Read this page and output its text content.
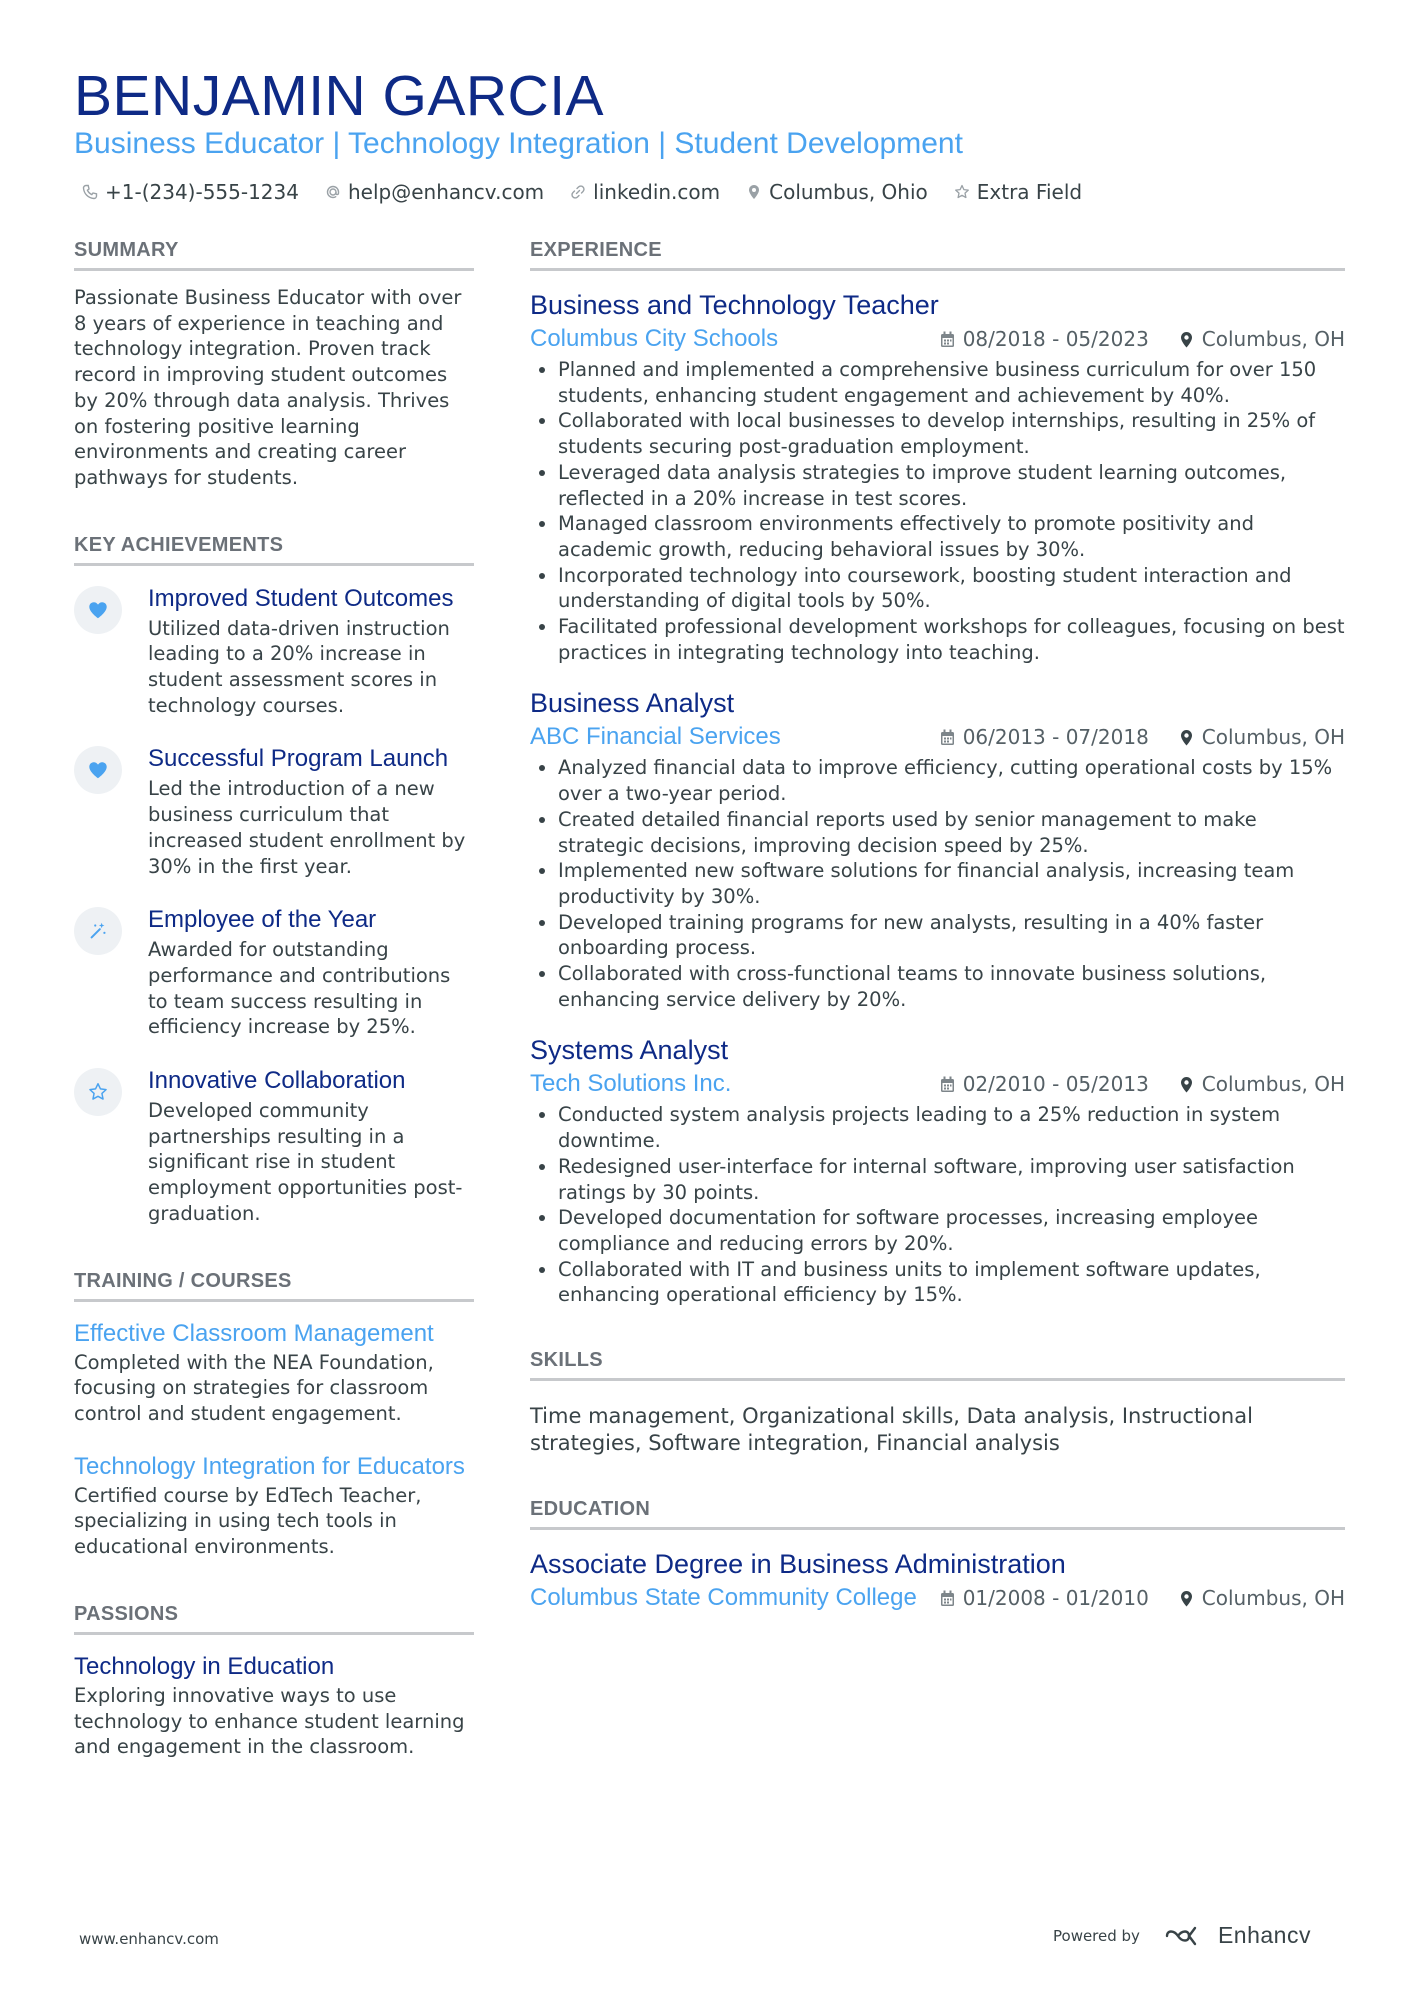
BENJAMIN GARCIA
Business Educator | Technology Integration | Student Development
+1-(234)-555-1234 help@enhancv.com linkedin.com Columbus, Ohio Extra Field
SUMMARY
Passionate Business Educator with over 8 years of experience in teaching and technology integration. Proven track record in improving student outcomes by 20% through data analysis. Thrives on fostering positive learning environments and creating career pathways for students.
KEY ACHIEVEMENTS
Improved Student Outcomes
Utilized data-driven instruction leading to a 20% increase in student assessment scores in technology courses.
Successful Program Launch
Led the introduction of a new business curriculum that increased student enrollment by 30% in the first year.
Employee of the Year
Awarded for outstanding performance and contributions to team success resulting in efficiency increase by 25%.
Innovative Collaboration
Developed community partnerships resulting in a significant rise in student employment opportunities post-graduation.
TRAINING / COURSES
Effective Classroom Management
Completed with the NEA Foundation, focusing on strategies for classroom control and student engagement.
Technology Integration for Educators
Certified course by EdTech Teacher, specializing in using tech tools in educational environments.
PASSIONS
Technology in Education
Exploring innovative ways to use technology to enhance student learning and engagement in the classroom.
EXPERIENCE
Business and Technology Teacher
Columbus City Schools	08/2018 - 05/2023	Columbus, OH
• Planned and implemented a comprehensive business curriculum for over 150 students, enhancing student engagement and achievement by 40%.
• Collaborated with local businesses to develop internships, resulting in 25% of students securing post-graduation employment.
• Leveraged data analysis strategies to improve student learning outcomes, reflected in a 20% increase in test scores.
• Managed classroom environments effectively to promote positivity and academic growth, reducing behavioral issues by 30%.
• Incorporated technology into coursework, boosting student interaction and understanding of digital tools by 50%.
• Facilitated professional development workshops for colleagues, focusing on best practices in integrating technology into teaching.
Business Analyst
ABC Financial Services	06/2013 - 07/2018	Columbus, OH
• Analyzed financial data to improve efficiency, cutting operational costs by 15% over a two-year period.
• Created detailed financial reports used by senior management to make strategic decisions, improving decision speed by 25%.
• Implemented new software solutions for financial analysis, increasing team productivity by 30%.
• Developed training programs for new analysts, resulting in a 40% faster onboarding process.
• Collaborated with cross-functional teams to innovate business solutions, enhancing service delivery by 20%.
Systems Analyst
Tech Solutions Inc.	02/2010 - 05/2013	Columbus, OH
• Conducted system analysis projects leading to a 25% reduction in system downtime.
• Redesigned user-interface for internal software, improving user satisfaction ratings by 30 points.
• Developed documentation for software processes, increasing employee compliance and reducing errors by 20%.
• Collaborated with IT and business units to implement software updates, enhancing operational efficiency by 15%.
SKILLS
Time management, Organizational skills, Data analysis, Instructional strategies, Software integration, Financial analysis
EDUCATION
Associate Degree in Business Administration
Columbus State Community College 01/2008 - 01/2010	Columbus, OH
www.enhancv.com	Powered by	Enhancv
